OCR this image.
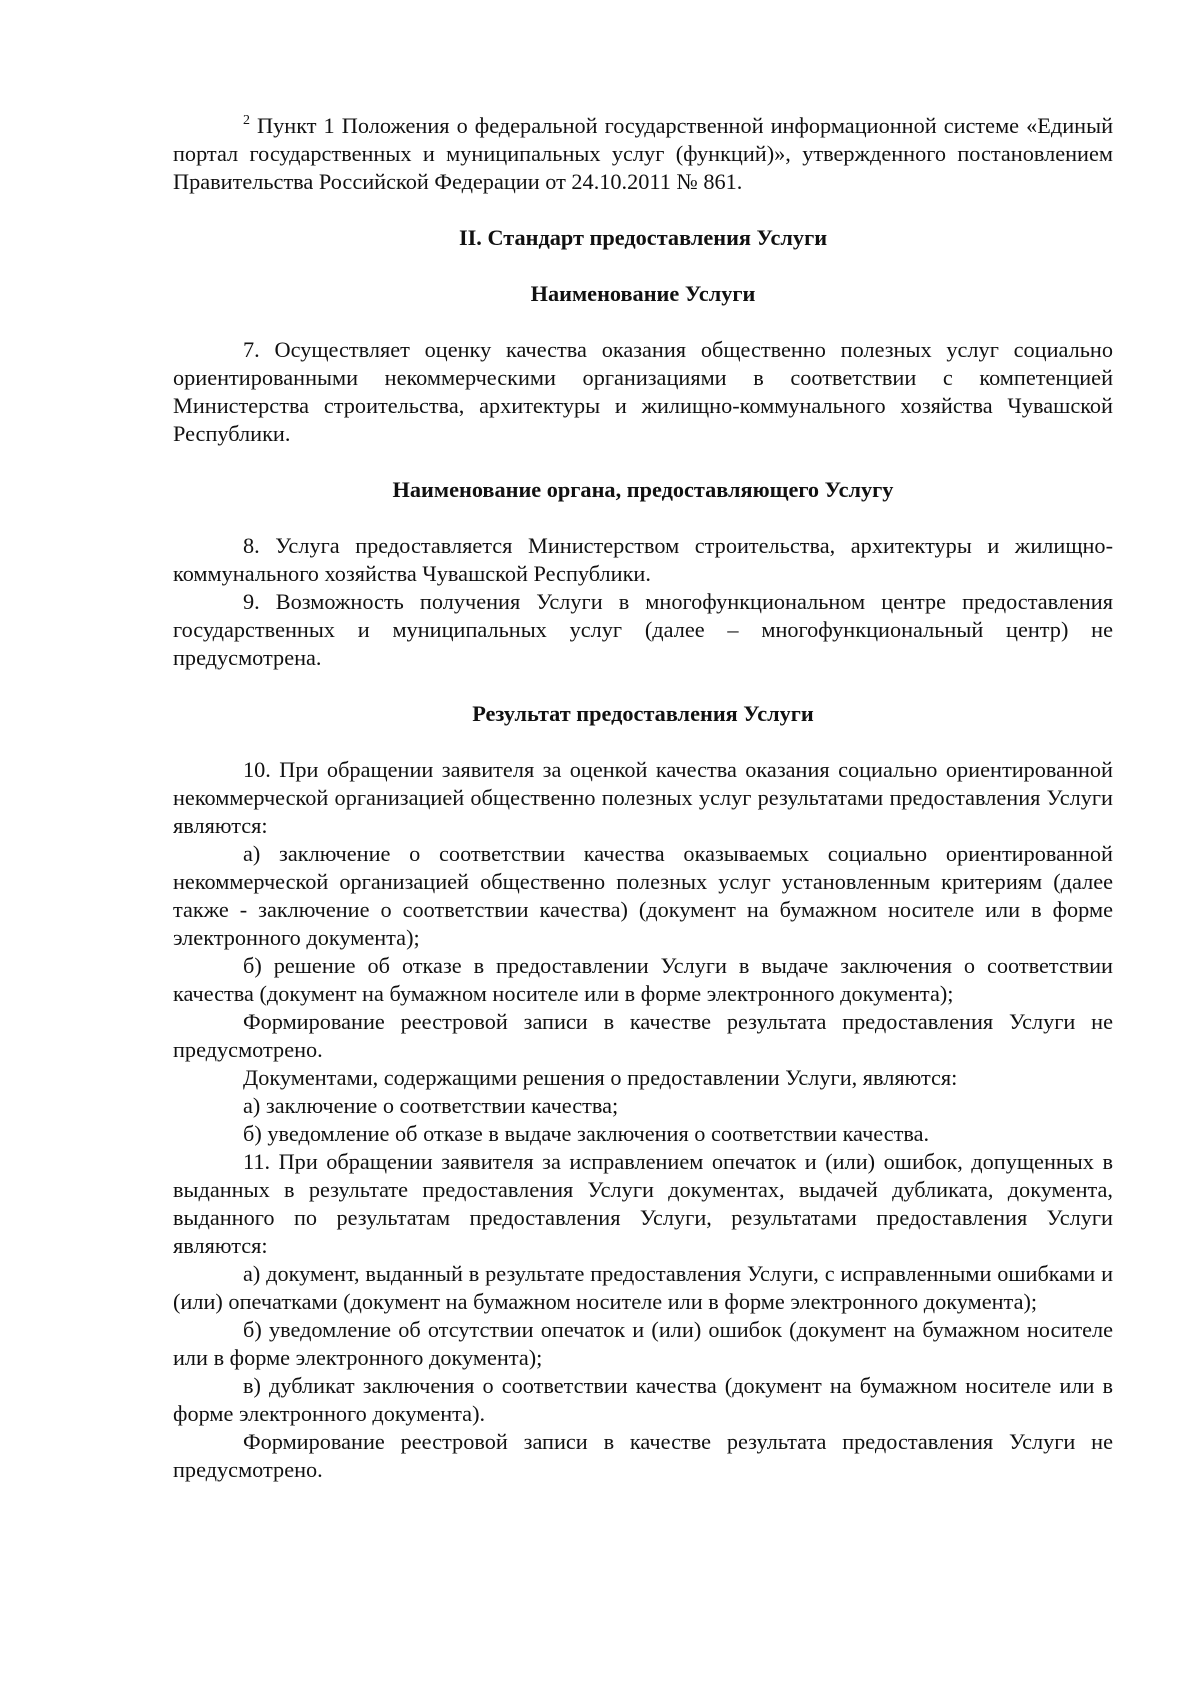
$^2$ Пункт 1 Положения о федеральной государственной информационной системе «Единый портал государственных и муниципальных услуг (функций)», утвержденного постановлением Правительства Российской Федерации от 24.10.2011 № 861.

II. Стандарт предоставления Услуги
Наименование Услуги

7. Осуществляет оценку качества оказания общественно полезных услуг социально ориентированными некоммерческими организациями в соответствии с компетенцией Министерства строительства, архитектуры и жилищно-коммунального хозяйства Чувашской Республики.

Наименование органа, предоставляющего Услугу

8. Услуга предоставляется Министерством строительства, архитектуры и жилищно-коммунального хозяйства Чувашской Республики.

9. Возможность получения Услуги в многофункциональном центре предоставления государственных и муниципальных услуг (далее – многофункциональный центр) не предусмотрена.

Результат предоставления Услуги

10. При обращении заявителя за оценкой качества оказания социально ориентированной некоммерческой организацией общественно полезных услуг результатами предоставления Услуги являются:

а) заключение о соответствии качества оказываемых социально ориентированной некоммерческой организацией общественно полезных услуг установленным критериям (далее также - заключение о соответствии качества) (документ на бумажном носителе или в форме электронного документа);

б) решение об отказе в предоставлении Услуги в выдаче заключения о соответствии качества (документ на бумажном носителе или в форме электронного документа);

Формирование реестровой записи в качестве результата предоставления Услуги не предусмотрено.

Документами, содержащими решения о предоставлении Услуги, являются:

а) заключение о соответствии качества;

б) уведомление об отказе в выдаче заключения о соответствии качества.

11. При обращении заявителя за исправлением опечаток и (или) ошибок, допущенных в выданных в результате предоставления Услуги документах, выдачей дубликата, документа, выданного по результатам предоставления Услуги, результатами предоставления Услуги являются:

а) документ, выданный в результате предоставления Услуги, с исправленными ошибками и (или) опечатками (документ на бумажном носителе или в форме электронного документа);

б) уведомление об отсутствии опечаток и (или) ошибок (документ на бумажном носителе или в форме электронного документа);

в) дубликат заключения о соответствии качества (документ на бумажном носителе или в форме электронного документа).

Формирование реестровой записи в качестве результата предоставления Услуги не предусмотрено.
